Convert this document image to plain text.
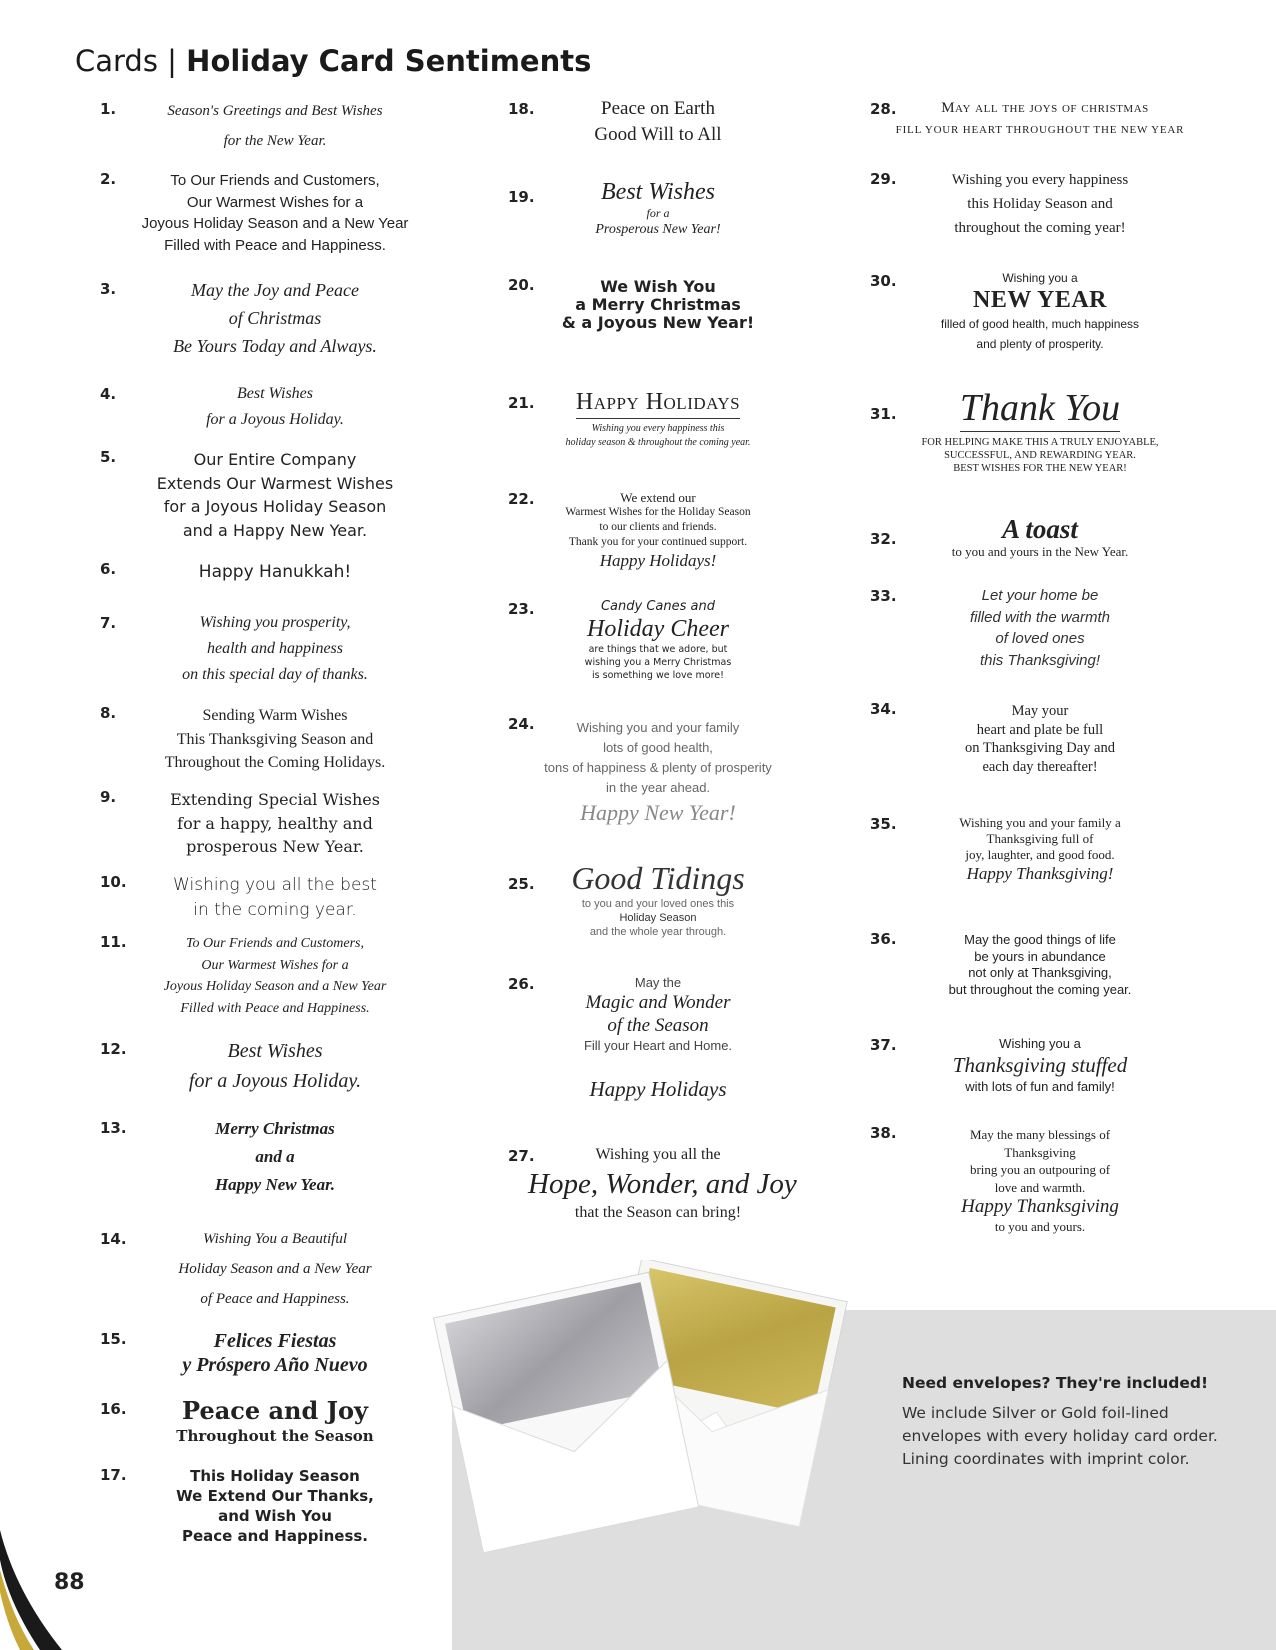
Cards | Holiday Card Sentiments
1.	Season's Greetings and Best Wishes
for the New Year.
2.	To Our Friends and Customers,
Our Warmest Wishes for a
Joyous Holiday Season and a New Year
Filled with Peace and Happiness.
3.	May the Joy and Peace
of Christmas
Be Yours Today and Always.
4.	Best Wishes
for a Joyous Holiday.
5.	Our Entire Company
Extends Our Warmest Wishes
for a Joyous Holiday Season
and a Happy New Year.
6.	Happy Hanukkah!
7.	Wishing you prosperity,
health and happiness
on this special day of thanks.
8.	Sending Warm Wishes
This Thanksgiving Season and
Throughout the Coming Holidays.
9.	Extending Special Wishes
for a happy, healthy and
prosperous New Year.
10.	Wishing you all the best
in the coming year.
11.	To Our Friends and Customers,
Our Warmest Wishes for a
Joyous Holiday Season and a New Year
Filled with Peace and Happiness.
12.	Best Wishes
for a Joyous Holiday.
13.	Merry Christmas
and a
Happy New Year.
14.	Wishing You a Beautiful
Holiday Season and a New Year
of Peace and Happiness.
15.	Felices Fiestas
y Próspero Año Nuevo
16.	Peace and Joy
Throughout the Season
17.	This Holiday Season
We Extend Our Thanks,
and Wish You
Peace and Happiness.
18.	Peace on Earth
Good Will to All
19.	Best Wishes
for a
Prosperous New Year!
20.	We Wish You
a Merry Christmas
& a Joyous New Year!
21.	Happy Holidays
Wishing you every happiness this
holiday season & throughout the coming year.
22.	We extend our
Warmest Wishes for the Holiday Season
to our clients and friends.
Thank you for your continued support.
Happy Holidays!
23.	Candy Canes and
Holiday Cheer
are things that we adore, but
wishing you a Merry Christmas
is something we love more!
24.	Wishing you and your family
lots of good health,
tons of happiness & plenty of prosperity
in the year ahead.
Happy New Year!
25.	Good Tidings
to you and your loved ones this
Holiday Season
and the whole year through.
26.	May the
Magic and Wonder
of the Season
Fill your Heart and Home.
Happy Holidays
27.	Wishing you all the
Hope, Wonder, and Joy
that the Season can bring!
28.	May all the joys of christmas
FILL YOUR HEART THROUGHOUT THE NEW YEAR
29.	Wishing you every happiness
this Holiday Season and
throughout the coming year!
30.	Wishing you a
NEW YEAR
filled of good health, much happiness
and plenty of prosperity.
31.	Thank You
FOR HELPING MAKE THIS A TRULY ENJOYABLE,
SUCCESSFUL, AND REWARDING YEAR.
BEST WISHES FOR THE NEW YEAR!
32.	A toast
to you and yours in the New Year.
33.	Let your home be
filled with the warmth
of loved ones
this Thanksgiving!
34.	May your
heart and plate be full
on Thanksgiving Day and
each day thereafter!
35.	Wishing you and your family a
Thanksgiving full of
joy, laughter, and good food.
Happy Thanksgiving!
36.	May the good things of life
be yours in abundance
not only at Thanksgiving,
but throughout the coming year.
37.	Wishing you a
Thanksgiving stuffed
with lots of fun and family!
38.	May the many blessings of
Thanksgiving
bring you an outpouring of
love and warmth.
Happy Thanksgiving
to you and yours.

Need envelopes? They're included!

We include Silver or Gold foil-lined envelopes with every holiday card order. Lining coordinates with imprint color.

88
